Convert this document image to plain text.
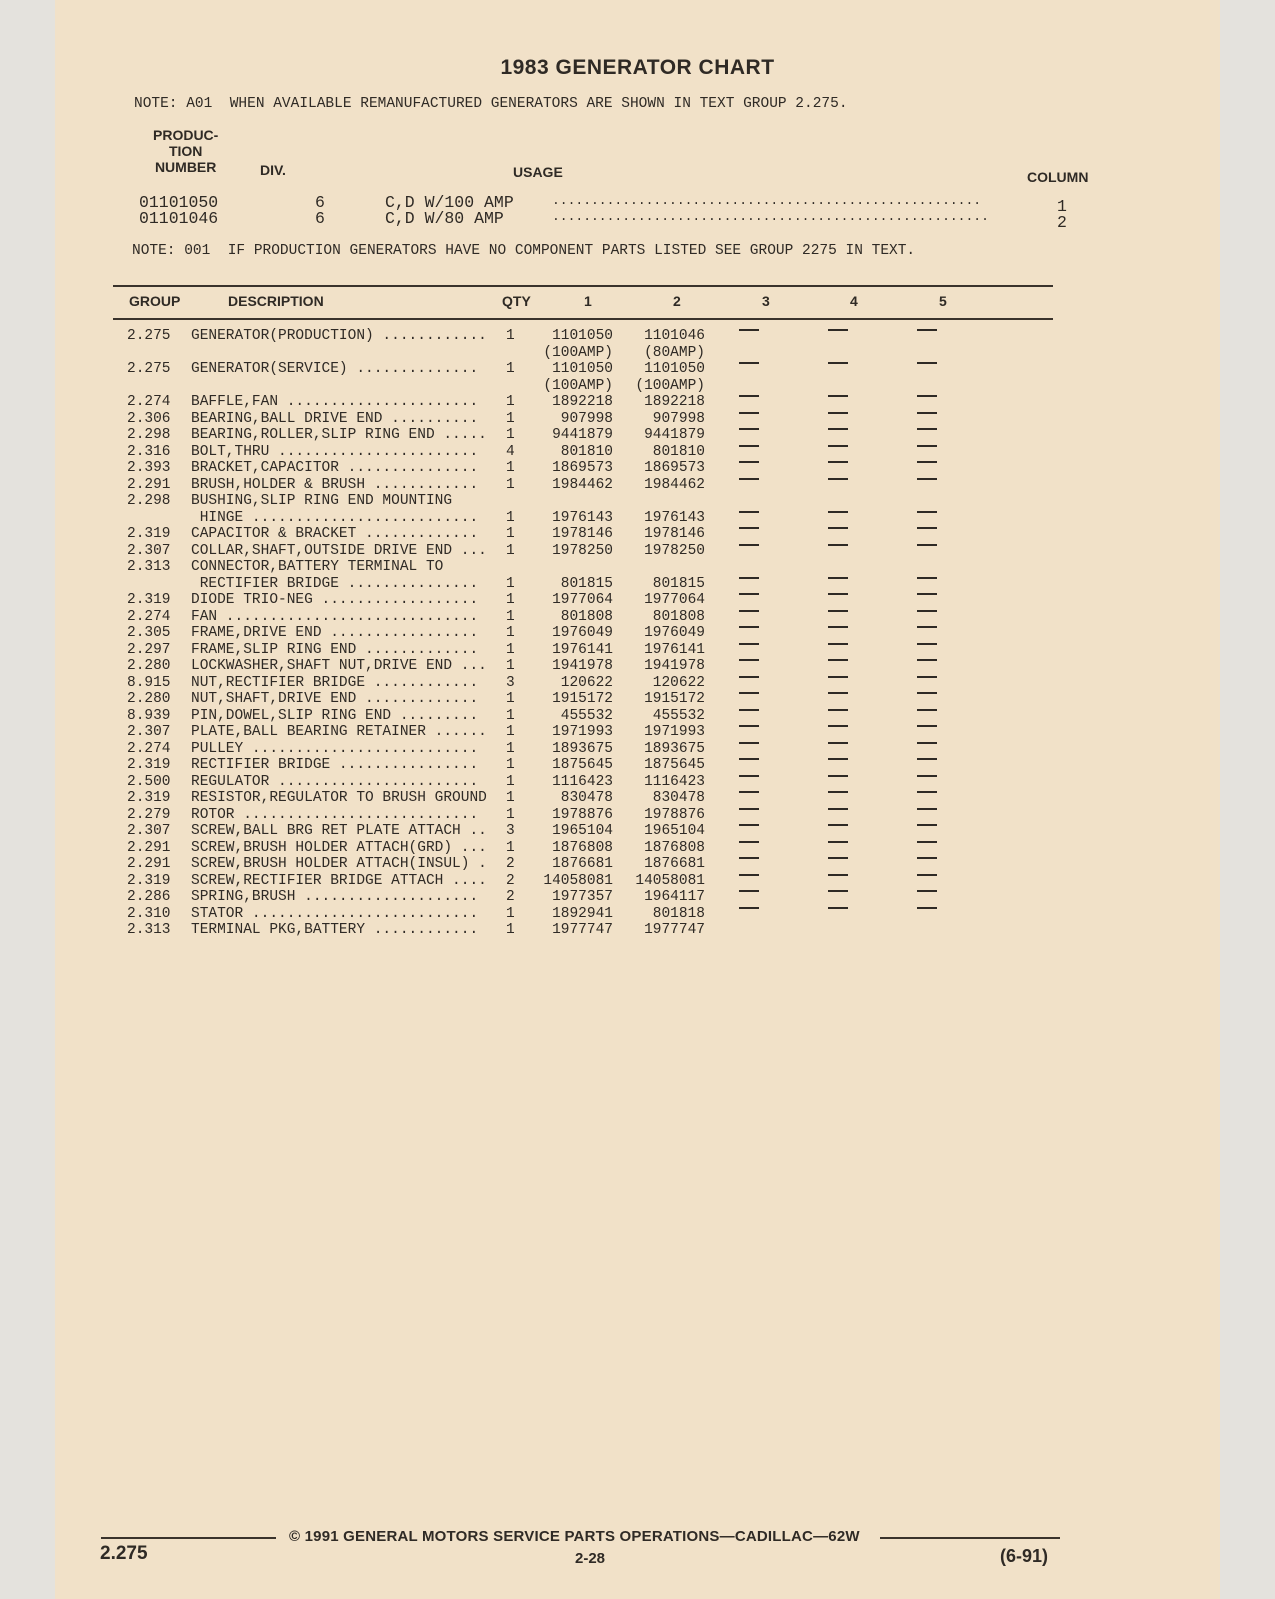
1983 GENERATOR CHART
NOTE: A01  WHEN AVAILABLE REMANUFACTURED GENERATORS ARE SHOWN IN TEXT GROUP 2.275.
PRODUC-
TION
NUMBER	DIV.	USAGE	COLUMN
01101050	6	C,D W/100 AMP	.......................................................	1
01101046	6	C,D W/80 AMP	........................................................	2
NOTE: 001  IF PRODUCTION GENERATORS HAVE NO COMPONENT PARTS LISTED SEE GROUP 2275 IN TEXT.
GROUP	DESCRIPTION	QTY	1	2	3	4	5
2.275 GENERATOR(PRODUCTION) ............	1	1101050	1101046
(100AMP)	(80AMP)
2.275 GENERATOR(SERVICE) ..............	1	1101050	1101050
(100AMP)	(100AMP)
2.274 BAFFLE,FAN ......................	1	1892218	1892218
2.306 BEARING,BALL DRIVE END ..........	1	907998	907998
2.298 BEARING,ROLLER,SLIP RING END .....	1	9441879	9441879
2.316 BOLT,THRU .......................	4	801810	801810
2.393 BRACKET,CAPACITOR ...............	1	1869573	1869573
2.291 BRUSH,HOLDER & BRUSH ............	1	1984462	1984462
2.298 BUSHING,SLIP RING END MOUNTING
HINGE ..........................	1	1976143	1976143
2.319 CAPACITOR & BRACKET .............	1	1978146	1978146
2.307 COLLAR,SHAFT,OUTSIDE DRIVE END ...	1	1978250	1978250
2.313 CONNECTOR,BATTERY TERMINAL TO
RECTIFIER BRIDGE ...............	1	801815	801815
2.319 DIODE TRIO-NEG ..................	1	1977064	1977064
2.274 FAN .............................	1	801808	801808
2.305 FRAME,DRIVE END .................	1	1976049	1976049
2.297 FRAME,SLIP RING END .............	1	1976141	1976141
2.280 LOCKWASHER,SHAFT NUT,DRIVE END ...	1	1941978	1941978
8.915 NUT,RECTIFIER BRIDGE ............	3	120622	120622
2.280 NUT,SHAFT,DRIVE END .............	1	1915172	1915172
8.939 PIN,DOWEL,SLIP RING END .........	1	455532	455532
2.307 PLATE,BALL BEARING RETAINER ......	1	1971993	1971993
2.274 PULLEY ..........................	1	1893675	1893675
2.319 RECTIFIER BRIDGE ................	1	1875645	1875645
2.500 REGULATOR .......................	1	1116423	1116423
2.319 RESISTOR,REGULATOR TO BRUSH GROUND	1	830478	830478
2.279 ROTOR ...........................	1	1978876	1978876
2.307 SCREW,BALL BRG RET PLATE ATTACH ..	3	1965104	1965104
2.291 SCREW,BRUSH HOLDER ATTACH(GRD) ...	1	1876808	1876808
2.291 SCREW,BRUSH HOLDER ATTACH(INSUL) .	2	1876681	1876681
2.319 SCREW,RECTIFIER BRIDGE ATTACH ....	2	14058081	14058081
2.286 SPRING,BRUSH ....................	2	1977357	1964117
2.310 STATOR ..........................	1	1892941	801818
2.313 TERMINAL PKG,BATTERY ............	1	1977747	1977747
© 1991 GENERAL MOTORS SERVICE PARTS OPERATIONS—CADILLAC—62W
2.275	2-28	(6-91)
